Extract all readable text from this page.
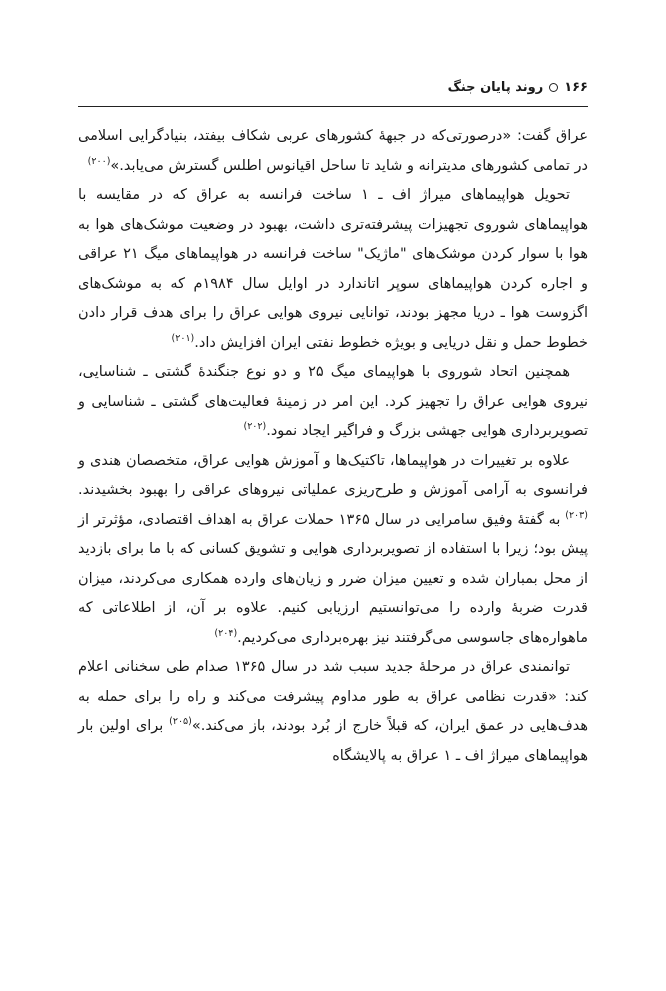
۱۶۶روند پایان جنگ

عراق گفت: «درصورتی‌که در جبههٔ کشورهای عربی شکاف بیفتد، بنیادگرایی اسلامی در تمامی کشورهای مدیترانه و شاید تا ساحل اقیانوس اطلس گسترش می‌یابد.»$^{(۲۰۰)}$

تحویل هواپیماهای میراژ اف ـ ۱ ساخت فرانسه به عراق که در مقایسه با هواپیماهای شوروی تجهیزات پیشرفته‌تری داشت، بهبود در وضعیت موشک‌های هوا به هوا با سوار کردن موشک‌های "ماژیک" ساخت فرانسه در هواپیماهای میگ ۲۱ عراقی و اجاره کردن هواپیماهای سوپر اتاندارد در اوایل سال ۱۹۸۴م که به موشک‌های اگزوست هوا ـ دریا مجهز بودند، توانایی نیروی هوایی عراق را برای هدف قرار دادن خطوط حمل و نقل دریایی و بویژه خطوط نفتی ایران افزایش داد.$^{(۲۰۱)}$

همچنین اتحاد شوروی با هواپیمای میگ ۲۵ و دو نوع جنگندهٔ گشتی ـ شناسایی، نیروی هوایی عراق را تجهیز کرد. این امر در زمینهٔ فعالیت‌های گشتی ـ شناسایی و تصویربرداری هوایی جهشی بزرگ و فراگیر ایجاد نمود.$^{(۲۰۲)}$

علاوه بر تغییرات در هواپیماها، تاکتیک‌ها و آموزش هوایی عراق، متخصصان هندی و فرانسوی به آرامی آموزش و طرح‌ریزی عملیاتی نیروهای عراقی را بهبود بخشیدند.$^{(۲۰۳)}$ به گفتهٔ وفیق سامرایی در سال ۱۳۶۵ حملات عراق به اهداف اقتصادی، مؤثرتر از پیش بود؛ زیرا با استفاده از تصویربرداری هوایی و تشویق کسانی که با ما برای بازدید از محل بمباران شده و تعیین میزان ضرر و زیان‌های وارده همکاری می‌کردند، میزان قدرت ضربهٔ وارده را می‌توانستیم ارزیابی کنیم. علاوه بر آن، از اطلاعاتی که ماهواره‌های جاسوسی می‌گرفتند نیز بهره‌برداری می‌کردیم.$^{(۲۰۴)}$

توانمندی عراق در مرحلهٔ جدید سبب شد در سال ۱۳۶۵ صدام طی سخنانی اعلام کند: «قدرت نظامی عراق به طور مداوم پیشرفت می‌کند و راه را برای حمله به هدف‌هایی در عمق ایران، که قبلاً خارج از بُرد بودند، باز می‌کند.»$^{(۲۰۵)}$ برای اولین بار هواپیماهای میراژ اف ـ ۱ عراق به پالایشگاه
